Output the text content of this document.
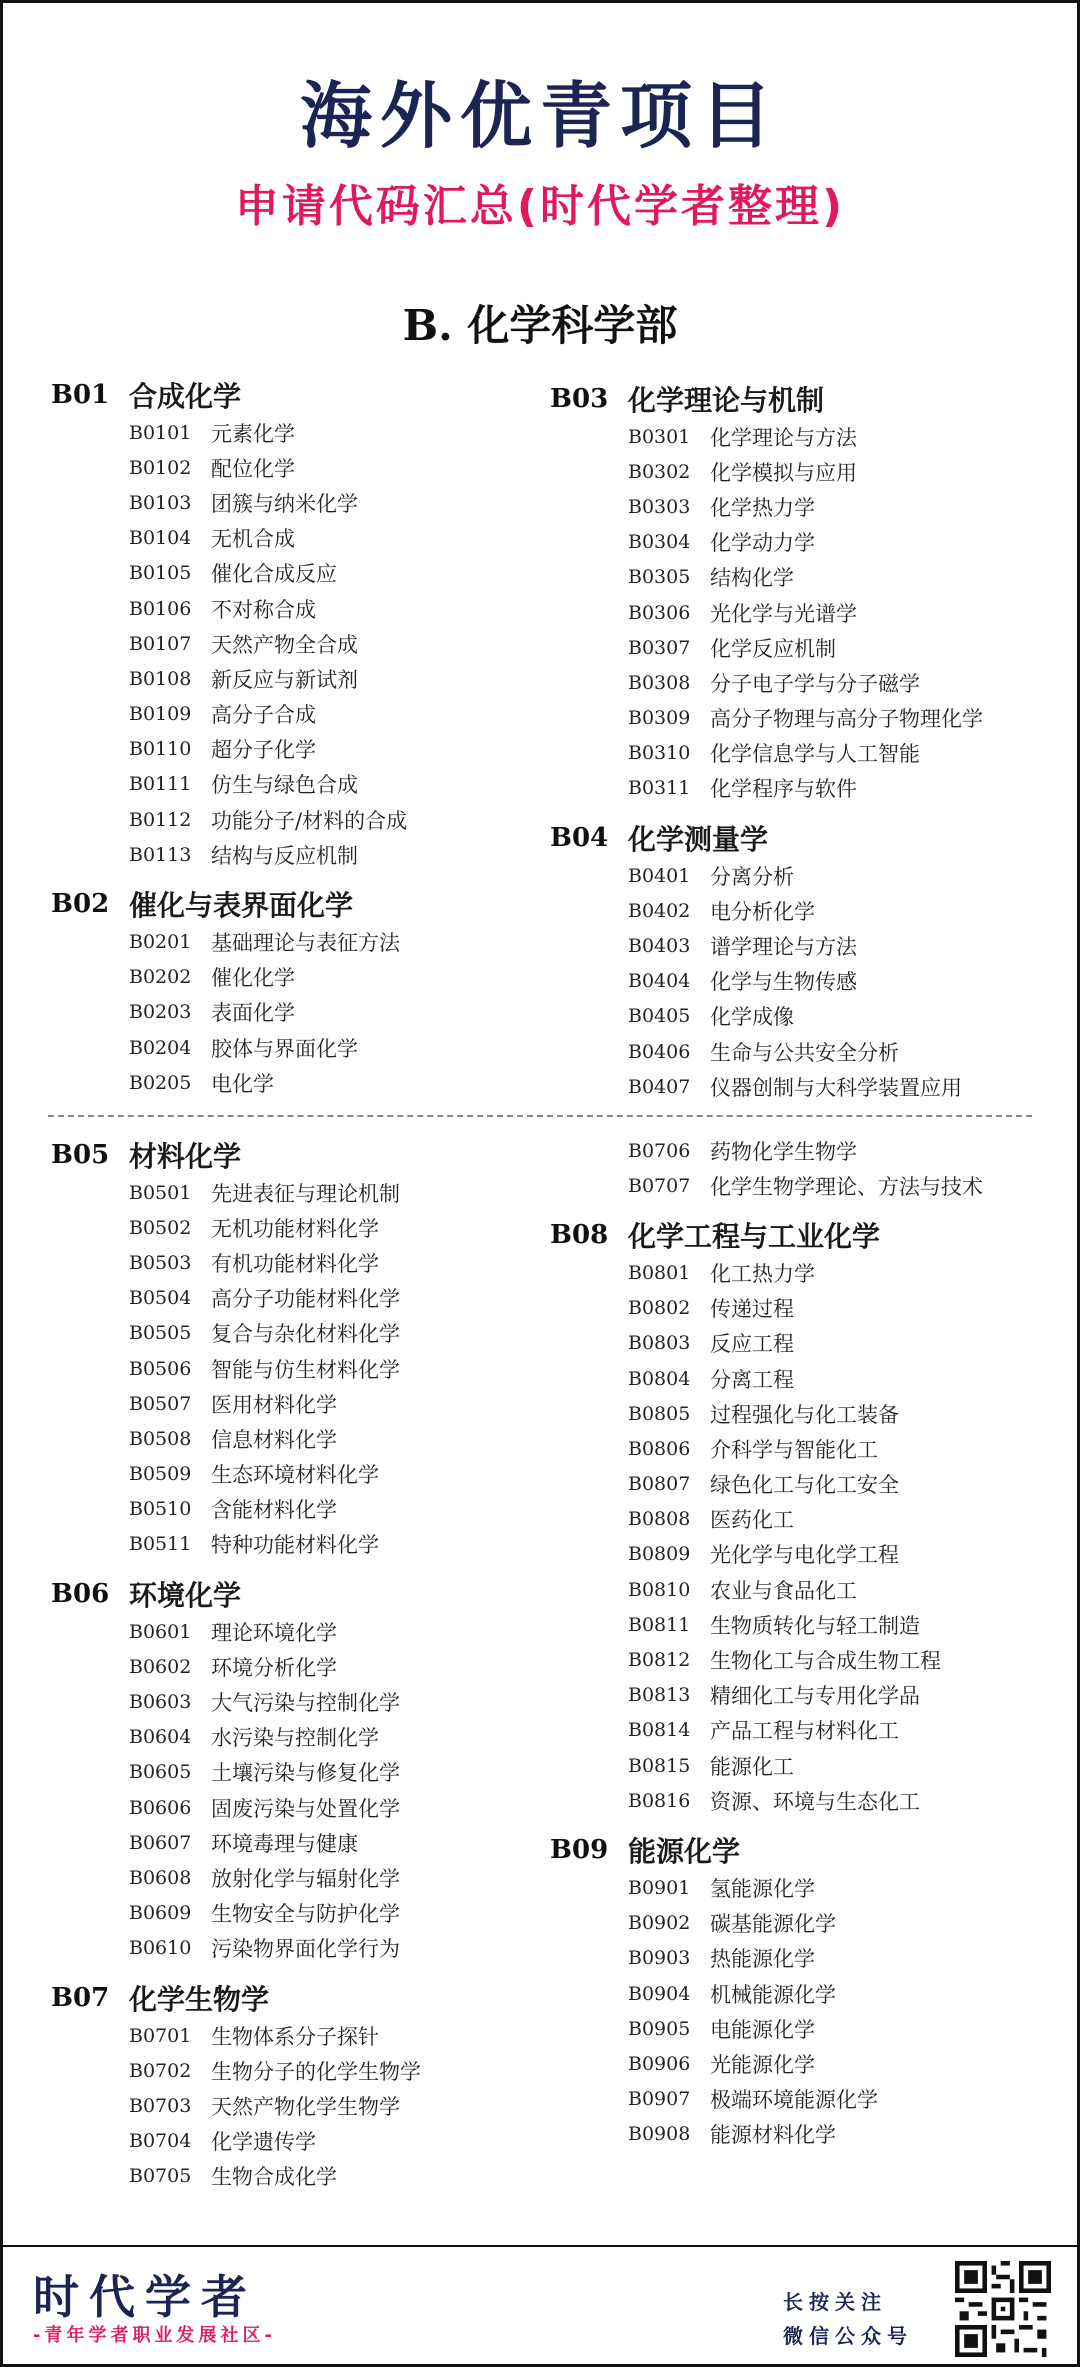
海外优青项目
申请代码汇总(时代学者整理)
B. 化学科学部
B01 合成化学
B0101 元素化学
B0102 配位化学
B0103 团簇与纳米化学
B0104 无机合成
B0105 催化合成反应
B0106 不对称合成
B0107 天然产物全合成
B0108 新反应与新试剂
B0109 高分子合成
B0110 超分子化学
B0111 仿生与绿色合成
B0112 功能分子/材料的合成
B0113 结构与反应机制
B02 催化与表界面化学
B0201 基础理论与表征方法
B0202 催化化学
B0203 表面化学
B0204 胶体与界面化学
B0205 电化学
B03 化学理论与机制
B0301 化学理论与方法
B0302 化学模拟与应用
B0303 化学热力学
B0304 化学动力学
B0305 结构化学
B0306 光化学与光谱学
B0307 化学反应机制
B0308 分子电子学与分子磁学
B0309 高分子物理与高分子物理化学
B0310 化学信息学与人工智能
B0311 化学程序与软件
B04 化学测量学
B0401 分离分析
B0402 电分析化学
B0403 谱学理论与方法
B0404 化学与生物传感
B0405 化学成像
B0406 生命与公共安全分析
B0407 仪器创制与大科学装置应用
B05 材料化学
B0501 先进表征与理论机制
B0502 无机功能材料化学
B0503 有机功能材料化学
B0504 高分子功能材料化学
B0505 复合与杂化材料化学
B0506 智能与仿生材料化学
B0507 医用材料化学
B0508 信息材料化学
B0509 生态环境材料化学
B0510 含能材料化学
B0511 特种功能材料化学
B06 环境化学
B0601 理论环境化学
B0602 环境分析化学
B0603 大气污染与控制化学
B0604 水污染与控制化学
B0605 土壤污染与修复化学
B0606 固废污染与处置化学
B0607 环境毒理与健康
B0608 放射化学与辐射化学
B0609 生物安全与防护化学
B0610 污染物界面化学行为
B07 化学生物学
B0701 生物体系分子探针
B0702 生物分子的化学生物学
B0703 天然产物化学生物学
B0704 化学遗传学
B0705 生物合成化学
B0706 药物化学生物学
B0707 化学生物学理论、方法与技术
B08 化学工程与工业化学
B0801 化工热力学
B0802 传递过程
B0803 反应工程
B0804 分离工程
B0805 过程强化与化工装备
B0806 介科学与智能化工
B0807 绿色化工与化工安全
B0808 医药化工
B0809 光化学与电化学工程
B0810 农业与食品化工
B0811 生物质转化与轻工制造
B0812 生物化工与合成生物工程
B0813 精细化工与专用化学品
B0814 产品工程与材料化工
B0815 能源化工
B0816 资源、环境与生态化工
B09 能源化学
B0901 氢能源化学
B0902 碳基能源化学
B0903 热能源化学
B0904 机械能源化学
B0905 电能源化学
B0906 光能源化学
B0907 极端环境能源化学
B0908 能源材料化学
时代学者
-青年学者职业发展社区-
长按关注
微信公众号
